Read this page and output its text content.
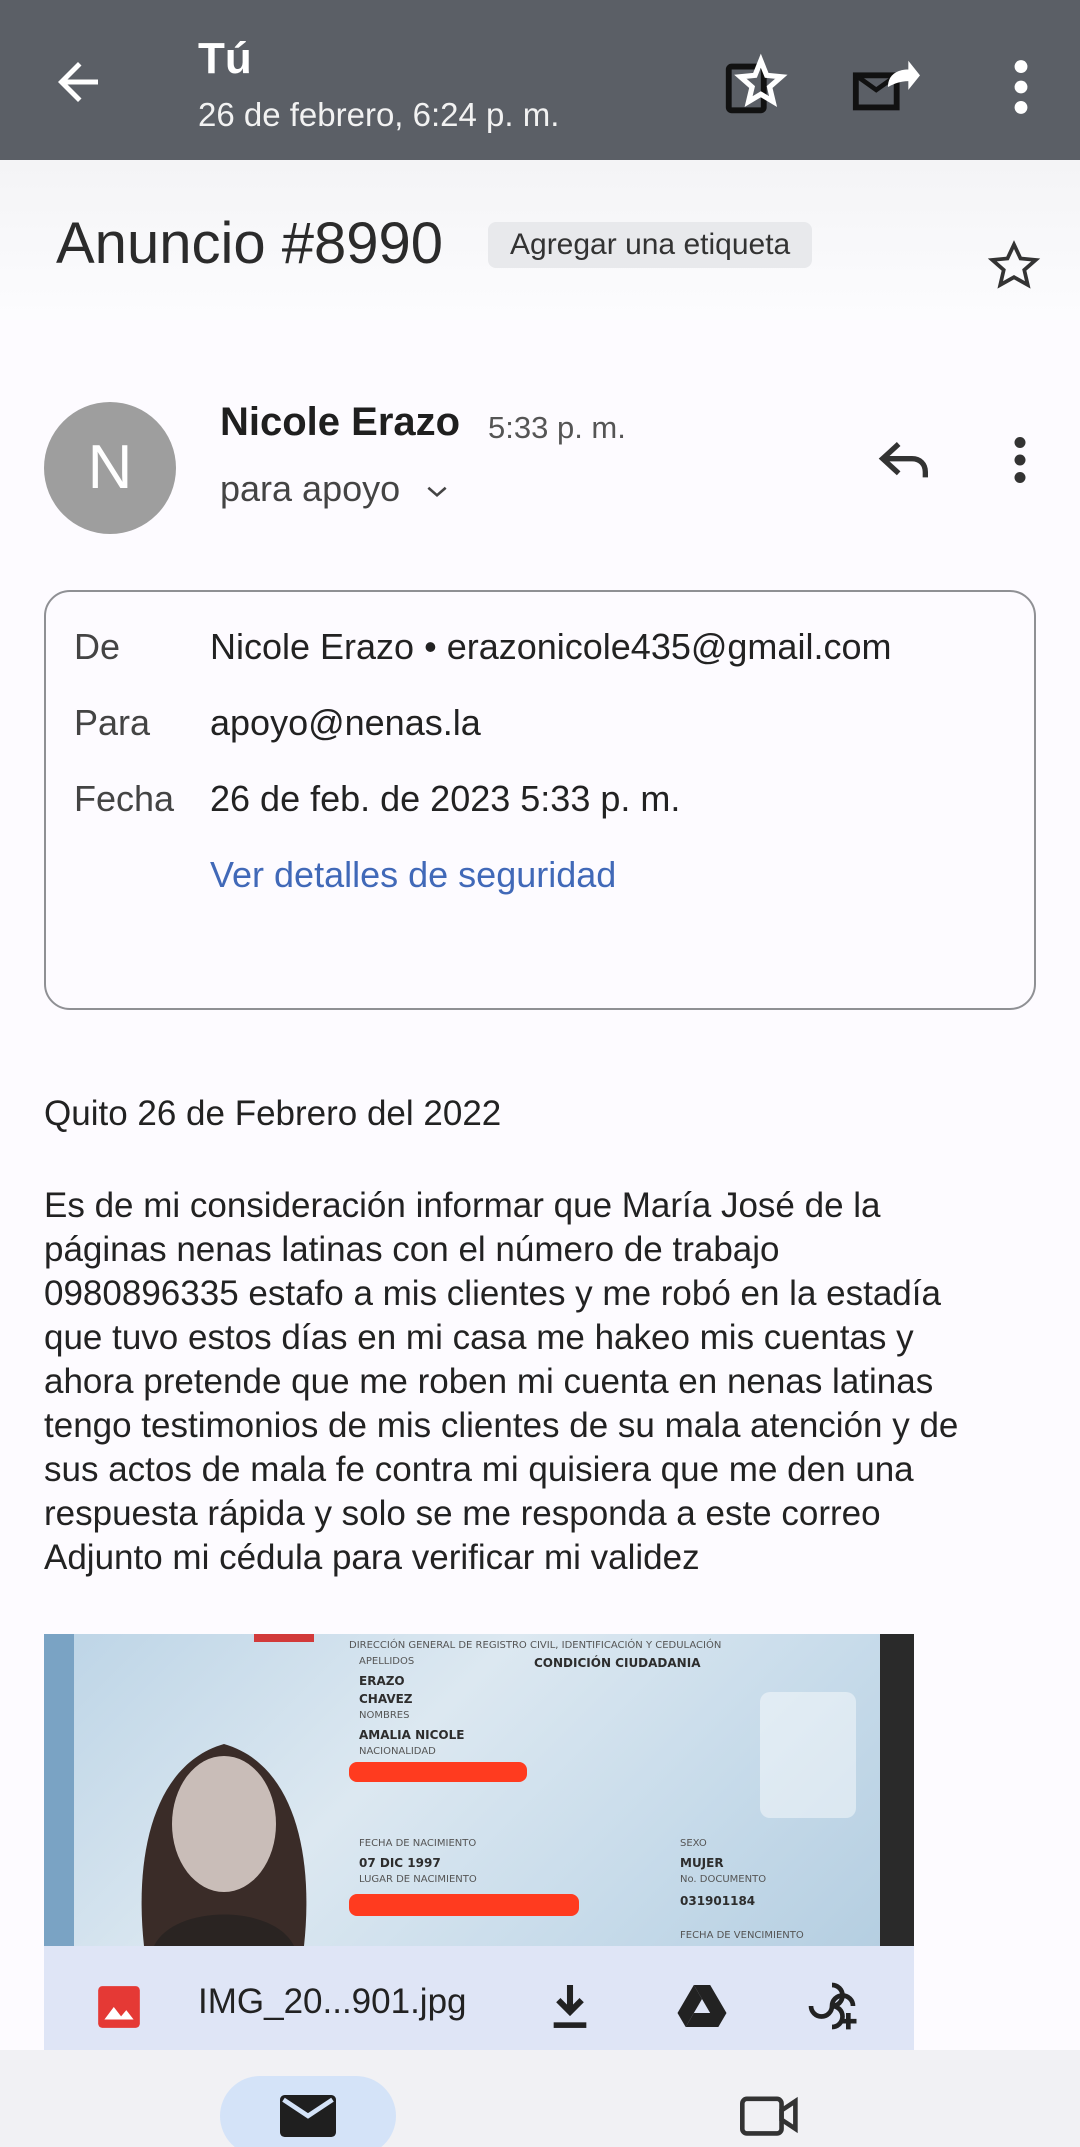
Tú
26 de febrero, 6:24 p. m.
Anuncio #8990	Agregar una etiqueta
N
Nicole Erazo 5:33 p. m.
para apoyo
De Nicole Erazo • erazonicole435@gmail.com
Para apoyo@nenas.la
Fecha 26 de feb. de 2023 5:33 p. m.
Ver detalles de seguridad
Quito 26 de Febrero del 2022
Es de mi consideración informar que María José de la
páginas nenas latinas con el número de trabajo
0980896335 estafo a mis clientes y me robó en la estadía
que tuvo estos días en mi casa me hakeo mis cuentas y
ahora pretende que me roben mi cuenta en nenas latinas
tengo testimonios de mis clientes de su mala atención y de
sus actos de mala fe contra mi quisiera que me den una
respuesta rápida y solo se me responda a este correo
Adjunto mi cédula para verificar mi validez
DIRECCIÓN GENERAL DE REGISTRO CIVIL, IDENTIFICACIÓN Y CEDULACIÓN
APELLIDOS	CONDICIÓN CIUDADANIA
ERAZO
CHAVEZ
NOMBRES
AMALIA NICOLE
NACIONALIDAD
FECHA DE NACIMIENTO
07 DIC 1997
LUGAR DE NACIMIENTO
SEXO
MUJER
No. DOCUMENTO
031901184
FECHA DE VENCIMIENTO
IMG_20...901.jpg
